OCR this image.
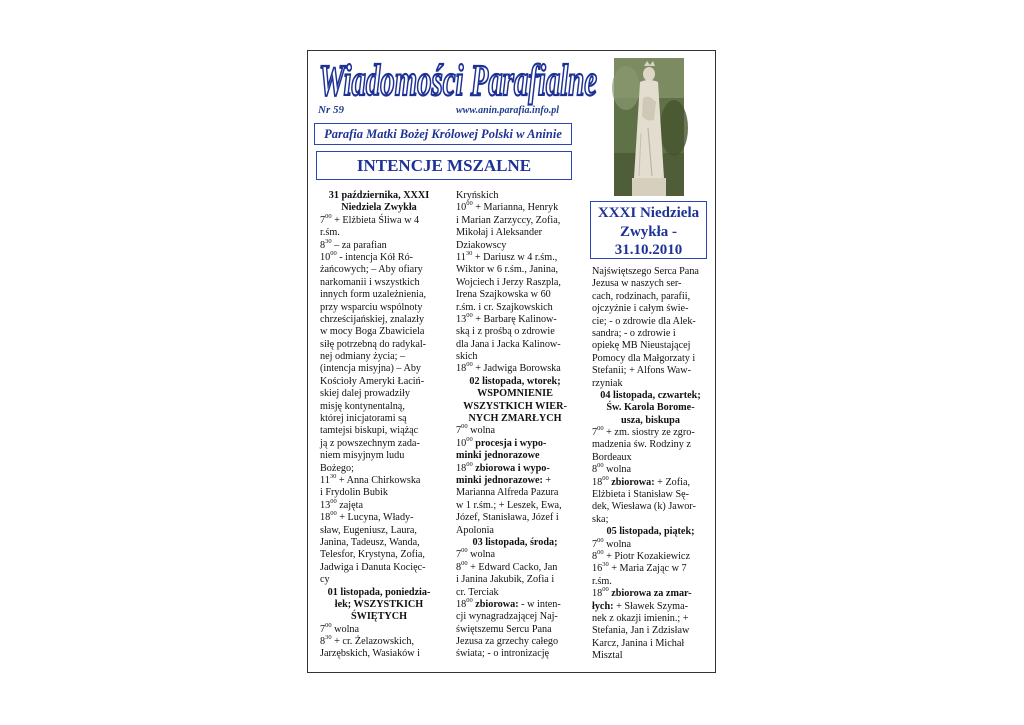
Wiadomości Parafialne
Nr 59	www.anin.parafia.info.pl
Parafia Matki Bożej Królowej Polski w Aninie
INTENCJE MSZALNE
XXXI Niedziela
Zwykła -
31.10.2010
31 października, XXXI
Niedziela Zwykła
$7^{00}$ + Elżbieta Śliwa w 4
r.śm.
$8^{30}$ – za parafian
$10^{00}$ - intencja Kół Ró-
żańcowych; – Aby ofiary
narkomanii i wszystkich
innych form uzależnienia,
przy wsparciu wspólnoty
chrześcijańskiej, znalazły
w mocy Boga Zbawiciela
siłę potrzebną do radykal-
nej odmiany życia; –
(intencja misyjna) – Aby
Kościoły Ameryki Łaciń-
skiej dalej prowadziły
misję kontynentalną,
której inicjatorami są
tamtejsi biskupi, wiążąc
ją z powszechnym zada-
niem misyjnym ludu
Bożego;
$11^{30}$ + Anna Chirkowska
i Frydolin Bubik
$13^{00}$ zajęta
$18^{00}$ + Lucyna, Włady-
sław, Eugeniusz, Laura,
Janina, Tadeusz, Wanda,
Telesfor, Krystyna, Zofia,
Jadwiga i Danuta Kocięc-
cy
01 listopada, poniedzia-
łek; WSZYSTKICH
ŚWIĘTYCH
$7^{00}$ wolna
$8^{30}$ + cr. Żelazowskich,
Jarzębskich, Wasiaków i
Kryńskich
$10^{00}$ + Marianna, Henryk
i Marian Zarzyccy, Zofia,
Mikołaj i Aleksander
Dziakowscy
$11^{30}$ + Dariusz w 4 r.śm.,
Wiktor w 6 r.śm., Janina,
Wojciech i Jerzy Raszpla,
Irena Szajkowska w 60
r.śm. i cr. Szajkowskich
$13^{00}$ + Barbarę Kalinow-
ską i z prośbą o zdrowie
dla Jana i Jacka Kalinow-
skich
$18^{00}$ + Jadwiga Borowska
02 listopada, wtorek;
WSPOMNIENIE
WSZYSTKICH WIER-
NYCH ZMARŁYCH
$7^{00}$ wolna
$10^{00}$ procesja i wypo-
minki jednorazowe
$18^{00}$ zbiorowa i wypo-
minki jednorazowe: +
Marianna Alfreda Pazura
w 1 r.śm.; + Leszek, Ewa,
Józef, Stanisława, Józef i
Apolonia
03 listopada, środa;
$7^{00}$ wolna
$8^{00}$ + Edward Cacko, Jan
i Janina Jakubik, Zofia i
cr. Terciak
$18^{00}$ zbiorowa: - w inten-
cji wynagradzającej Naj-
świętszemu Sercu Pana
Jezusa za grzechy całego
świata; - o intronizację
Najświętszego Serca Pana
Jezusa w naszych ser-
cach, rodzinach, parafii,
ojczyźnie i całym świe-
cie; - o zdrowie dla Alek-
sandra; - o zdrowie i
opiekę MB Nieustającej
Pomocy dla Małgorzaty i
Stefanii; + Alfons Waw-
rzyniak
04 listopada, czwartek;
Św. Karola Borome-
usza, biskupa
$7^{00}$ + zm. siostry ze zgro-
madzenia św. Rodziny z
Bordeaux
$8^{00}$ wolna
$18^{00}$ zbiorowa: + Zofia,
Elżbieta i Stanisław Sę-
dek, Wiesława (k) Jawor-
ska;
05 listopada, piątek;
$7^{00}$ wolna
$8^{00}$ + Piotr Kozakiewicz
$16^{30}$ + Maria Zając w 7
r.śm.
$18^{00}$ zbiorowa za zmar-
łych: + Sławek Szyma-
nek z okazji imienin.; +
Stefania, Jan i Zdzisław
Karcz, Janina i Michał
Misztal
